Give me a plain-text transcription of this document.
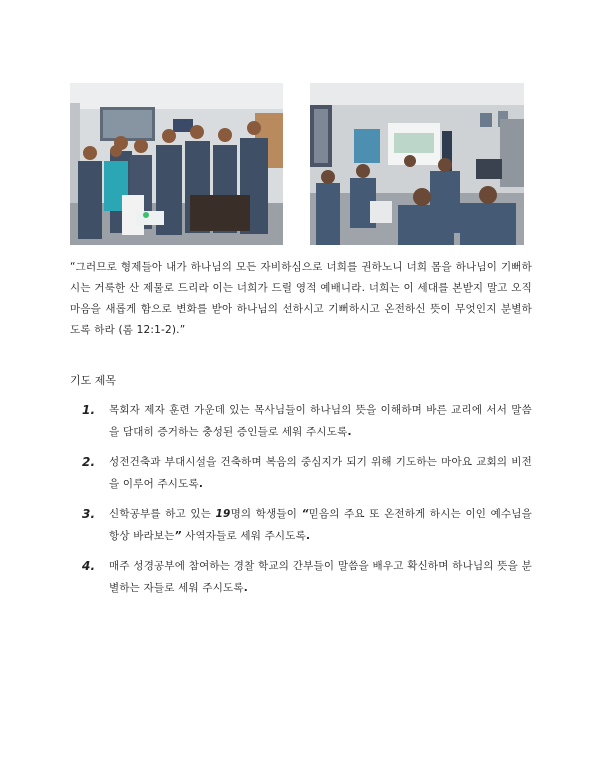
“그러므로 형제들아 내가 하나님의 모든 자비하심으로 너희를 권하노니 너희 몸을 하나님이 기뻐하시는 거룩한 산 제물로 드리라 이는 너희가 드릴 영적 예배니라. 너희는 이 세대를 본받지 말고 오직 마음을 새롭게 함으로 변화를 받아 하나님의 선하시고 기뻐하시고 온전하신 뜻이 무엇인지 분별하도록 하라 (롬 12:1-2).”

기도 제목
1. 목회자 제자 훈련 가운데 있는 목사님들이 하나님의 뜻을 이해하며 바른 교리에 서서 말씀을 담대히 증거하는 충성된 증인들로 세워 주시도록.
2. 성전건축과 부대시설을 건축하며 복음의 중심지가 되기 위해 기도하는 마아요 교회의 비전을 이루어 주시도록.
3. 신학공부를 하고 있는 19명의 학생들이 “믿음의 주요 또 온전하게 하시는 이인 예수님을 항상 바라보는” 사역자들로 세워 주시도록.
4. 매주 성경공부에 참여하는 경찰 학교의 간부들이 말씀을 배우고 확신하며 하나님의 뜻을 분별하는 자들로 세워 주시도록.
